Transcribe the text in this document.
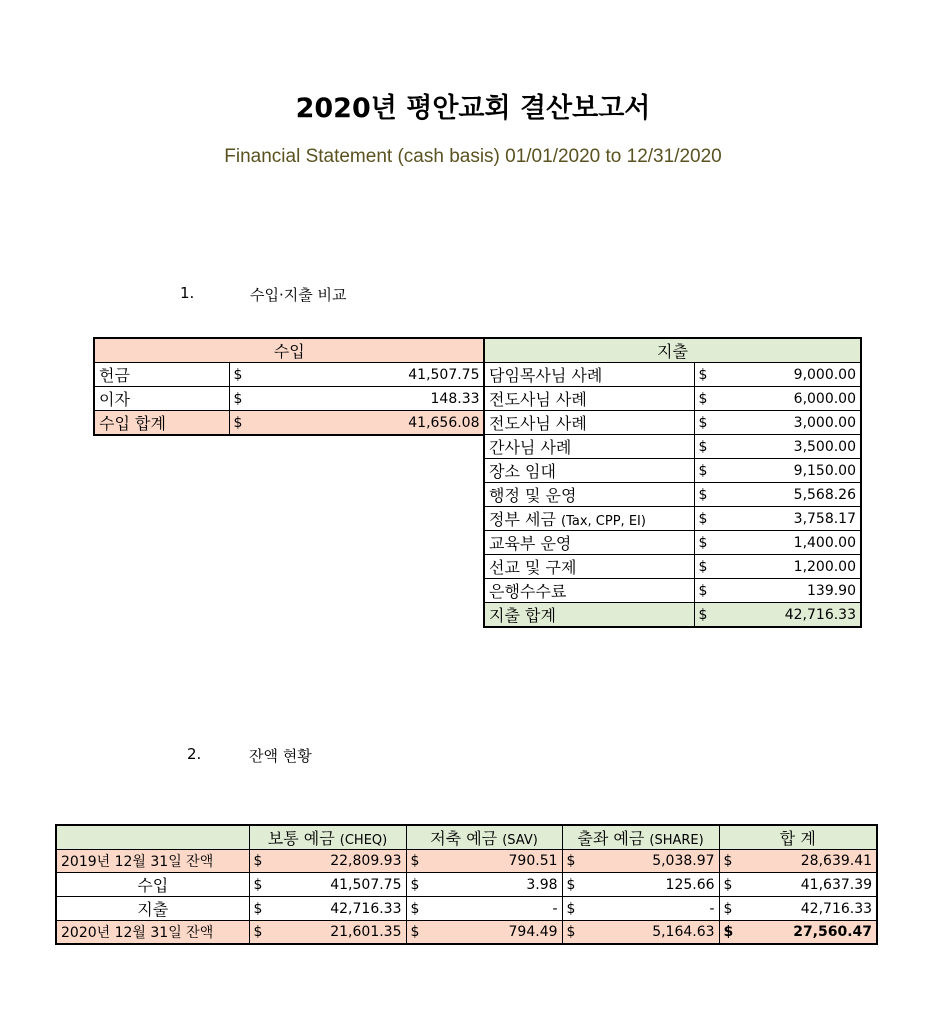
2020년 평안교회 결산보고서
Financial Statement (cash basis) 01/01/2020 to 12/31/2020
1.	수입·지출 비교
수입		
헌금	$	41,507.75
이자	$	148.33
수입 합계	$	41,656.08
지출		
담임목사님 사례	$	9,000.00
전도사님 사례	$	6,000.00
전도사님 사례	$	3,000.00
간사님 사례	$	3,500.00
장소 임대	$	9,150.00
행정 및 운영	$	5,568.26
정부 세금 (Tax, CPP, EI)	$	3,758.17
교육부 운영	$	1,400.00
선교 및 구제	$	1,200.00
은행수수료	$	139.90
지출 합계	$	42,716.33
2.	잔액 현황
	보통 예금 (CHEQ)		저축 예금 (SAV)		출좌 예금 (SHARE)		합 계	
2019년 12월 31일 잔액	$	22,809.93	$	790.51	$	5,038.97	$	28,639.41
수입	$	41,507.75	$	3.98	$	125.66	$	41,637.39
지출	$	42,716.33	$	-	$	-	$	42,716.33
2020년 12월 31일 잔액	$	21,601.35	$	794.49	$	5,164.63	$	27,560.47
